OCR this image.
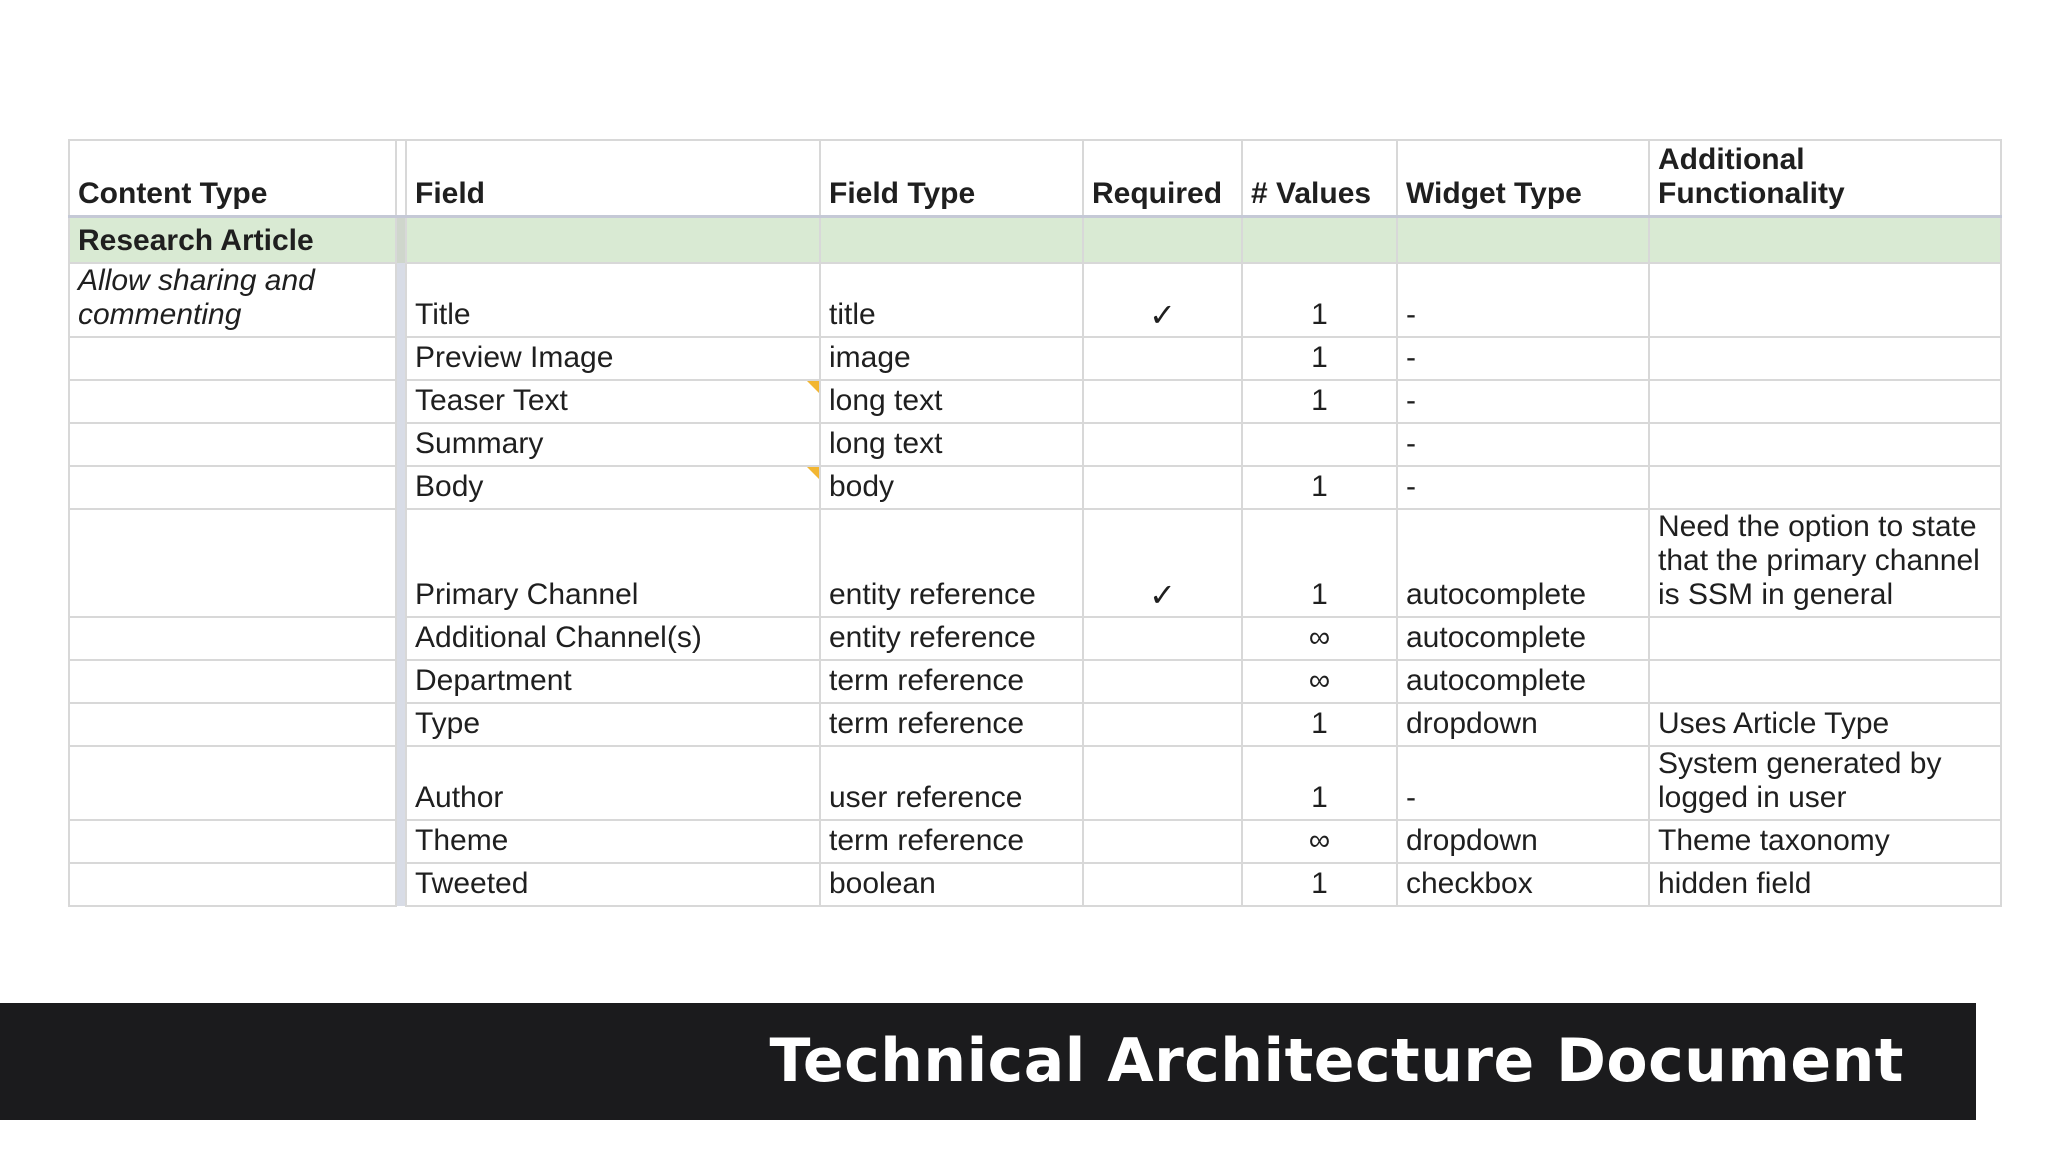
Content Type		Field	Field Type	Required	# Values	Widget Type	Additional Functionality
Research Article							
Allow sharing and commenting		Title	title	✓	1	-	
		Preview Image	image		1	-	
		Teaser Text	long text		1	-	
		Summary	long text			-	
		Body	body		1	-	
		Primary Channel	entity reference	✓	1	autocomplete	Need the option to state that the primary channel is SSM in general
		Additional Channel(s)	entity reference		∞	autocomplete	
		Department	term reference		∞	autocomplete	
		Type	term reference		1	dropdown	Uses Article Type
		Author	user reference		1	-	System generated by logged in user
		Theme	term reference		∞	dropdown	Theme taxonomy
		Tweeted	boolean		1	checkbox	hidden field
Technical Architecture Document
